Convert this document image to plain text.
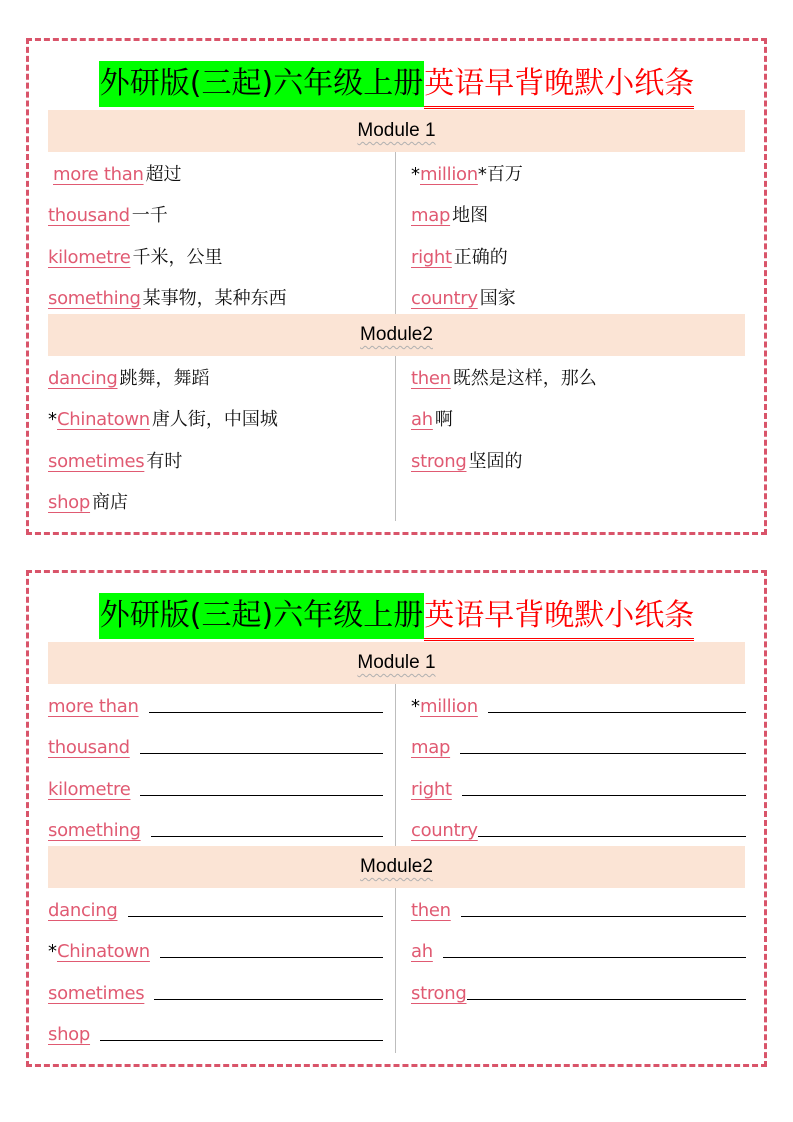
外研版(三起)六年级上册英语早背晚默小纸条
Module 1
more than 超过
thousand 一千
kilometre 千米，公里
something 某事物，某种东西
* million *百万
map 地图
right 正确的
country 国家
Module2
dancing 跳舞，舞蹈
* Chinatown 唐人街，中国城
sometimes 有时
shop 商店
then 既然是这样，那么
ah 啊
strong 坚固的
外研版(三起)六年级上册英语早背晚默小纸条
Module 1
more than
thousand
kilometre
something
* million
map
right
country
Module2
dancing
* Chinatown
sometimes
shop
then
ah
strong
